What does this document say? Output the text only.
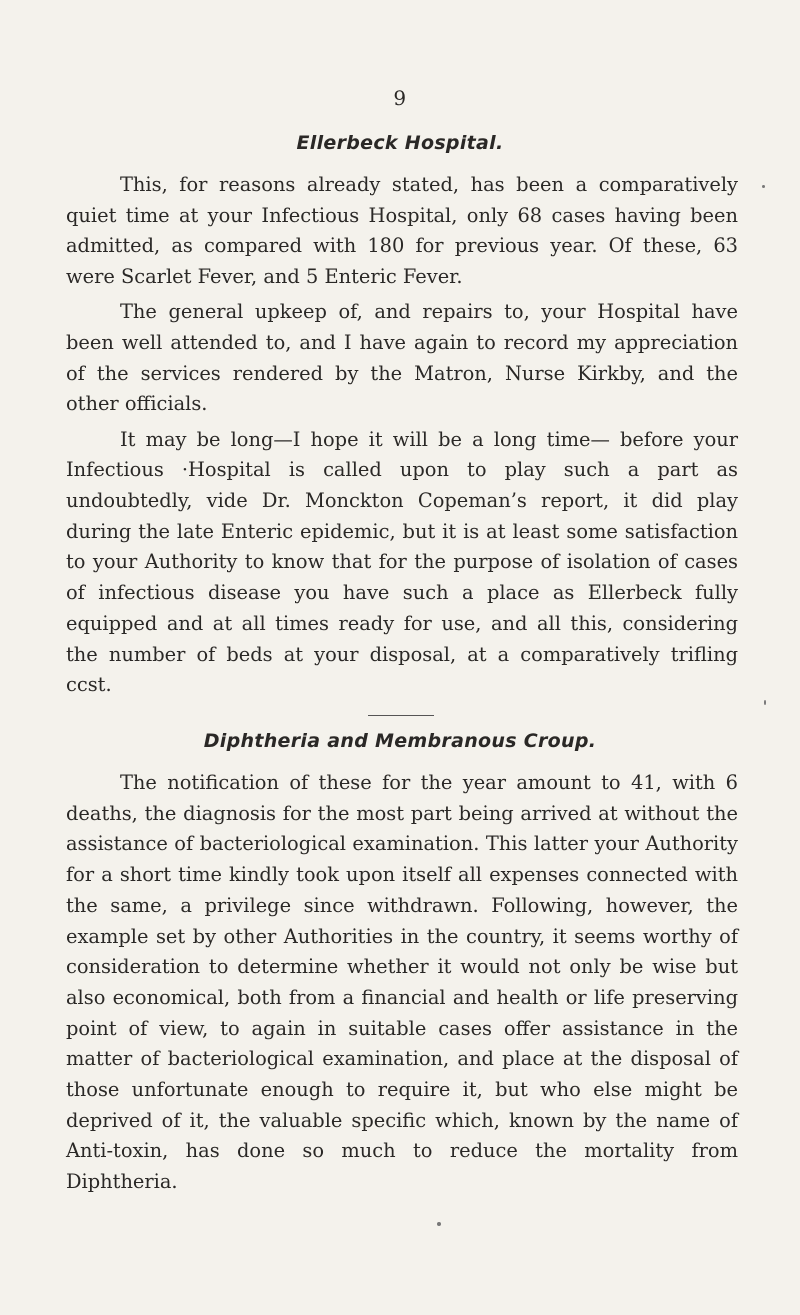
9
Ellerbeck Hospital.

This, for reasons already stated, has been a comparatively quiet time at your Infectious Hospital, only 68 cases having been admitted, as compared with 180 for previous year. Of these, 63 were Scarlet Fever, and 5 Enteric Fever.

The general upkeep of, and repairs to, your Hospital have been well attended to, and I have again to record my appreciation of the services rendered by the Matron, Nurse Kirkby, and the other officials.

It may be long—I hope it will be a long time— before your Infectious ·Hospital is called upon to play such a part as undoubtedly, vide Dr. Monckton Copeman’s report, it did play during the late Enteric epidemic, but it is at least some satisfaction to your Authority to know that for the purpose of isolation of cases of infectious disease you have such a place as Ellerbeck fully equipped and at all times ready for use, and all this, considering the number of beds at your disposal, at a comparatively trifling ccst.

Diphtheria and Membranous Croup.

The notification of these for the year amount to 41, with 6 deaths, the diagnosis for the most part being arrived at without the assistance of bacteriological examination. This latter your Authority for a short time kindly took upon itself all expenses connected with the same, a privilege since withdrawn. Following, however, the example set by other Authorities in the country, it seems worthy of consideration to determine whether it would not only be wise but also economical, both from a financial and health or life preserving point of view, to again in suitable cases offer assistance in the matter of bacteriological examination, and place at the disposal of those unfortunate enough to require it, but who else might be deprived of it, the valuable specific which, known by the name of Anti-toxin, has done so much to reduce the mortality from Diphtheria.
